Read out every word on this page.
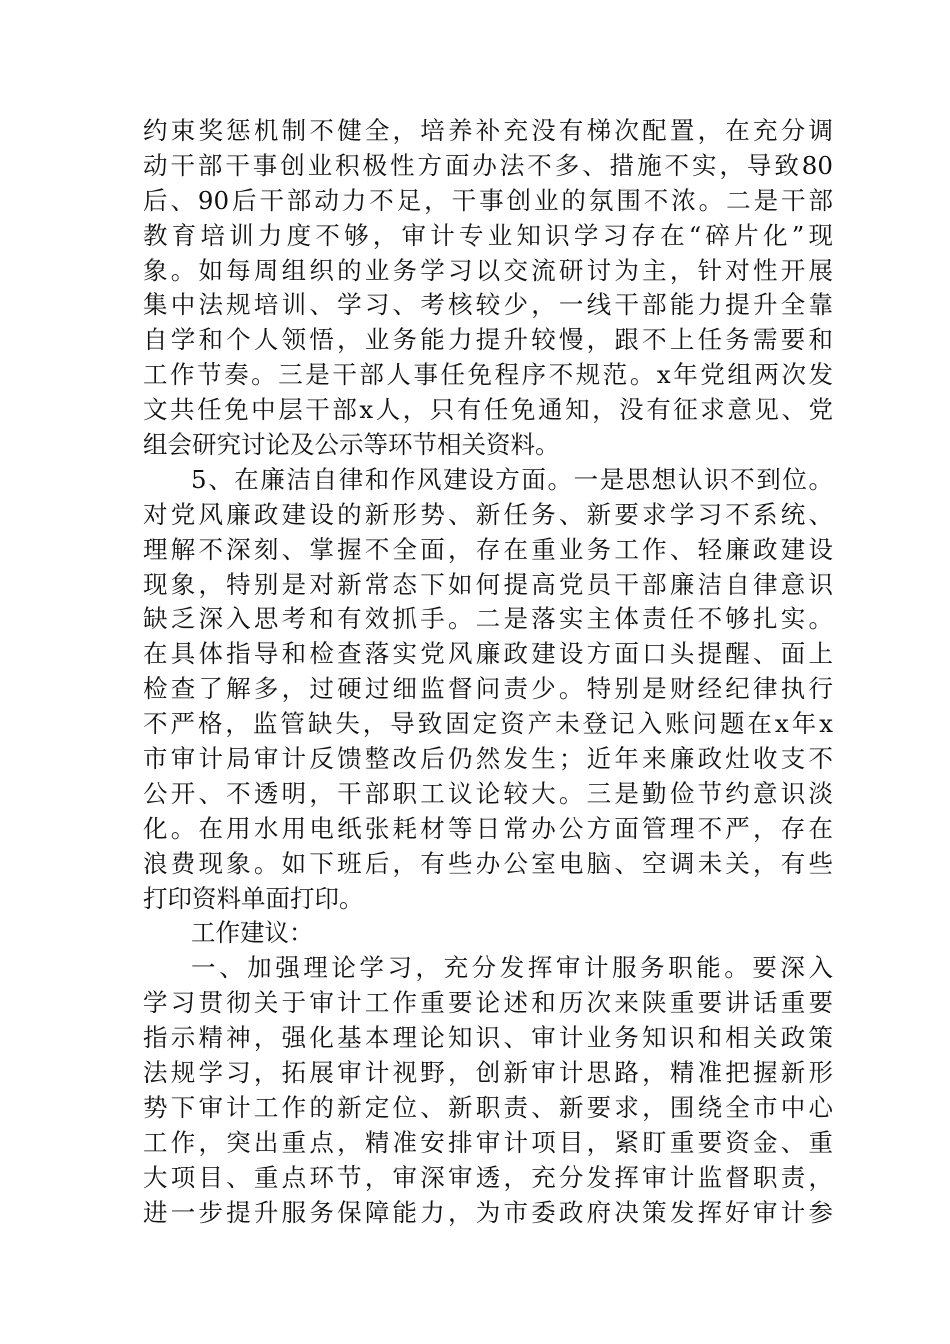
约束奖惩机制不健全，培养补充没有梯次配置，在充分调
动干部干事创业积极性方面办法不多、措施不实，导致80
后、90后干部动力不足，干事创业的氛围不浓。二是干部
教育培训力度不够，审计专业知识学习存在“碎片化”现
象。如每周组织的业务学习以交流研讨为主，针对性开展
集中法规培训、学习、考核较少，一线干部能力提升全靠
自学和个人领悟，业务能力提升较慢，跟不上任务需要和
工作节奏。三是干部人事任免程序不规范。x年党组两次发
文共任免中层干部x人，只有任免通知，没有征求意见、党
组会研究讨论及公示等环节相关资料。
5、在廉洁自律和作风建设方面。一是思想认识不到位。
对党风廉政建设的新形势、新任务、新要求学习不系统、
理解不深刻、掌握不全面，存在重业务工作、轻廉政建设
现象，特别是对新常态下如何提高党员干部廉洁自律意识
缺乏深入思考和有效抓手。二是落实主体责任不够扎实。
在具体指导和检查落实党风廉政建设方面口头提醒、面上
检查了解多，过硬过细监督问责少。特别是财经纪律执行
不严格，监管缺失，导致固定资产未登记入账问题在x年x
市审计局审计反馈整改后仍然发生；近年来廉政灶收支不
公开、不透明，干部职工议论较大。三是勤俭节约意识淡
化。在用水用电纸张耗材等日常办公方面管理不严，存在
浪费现象。如下班后，有些办公室电脑、空调未关，有些
打印资料单面打印。
工作建议：
一、加强理论学习，充分发挥审计服务职能。要深入
学习贯彻关于审计工作重要论述和历次来陕重要讲话重要
指示精神，强化基本理论知识、审计业务知识和相关政策
法规学习，拓展审计视野，创新审计思路，精准把握新形
势下审计工作的新定位、新职责、新要求，围绕全市中心
工作，突出重点，精准安排审计项目，紧盯重要资金、重
大项目、重点环节，审深审透，充分发挥审计监督职责，
进一步提升服务保障能力，为市委政府决策发挥好审计参
